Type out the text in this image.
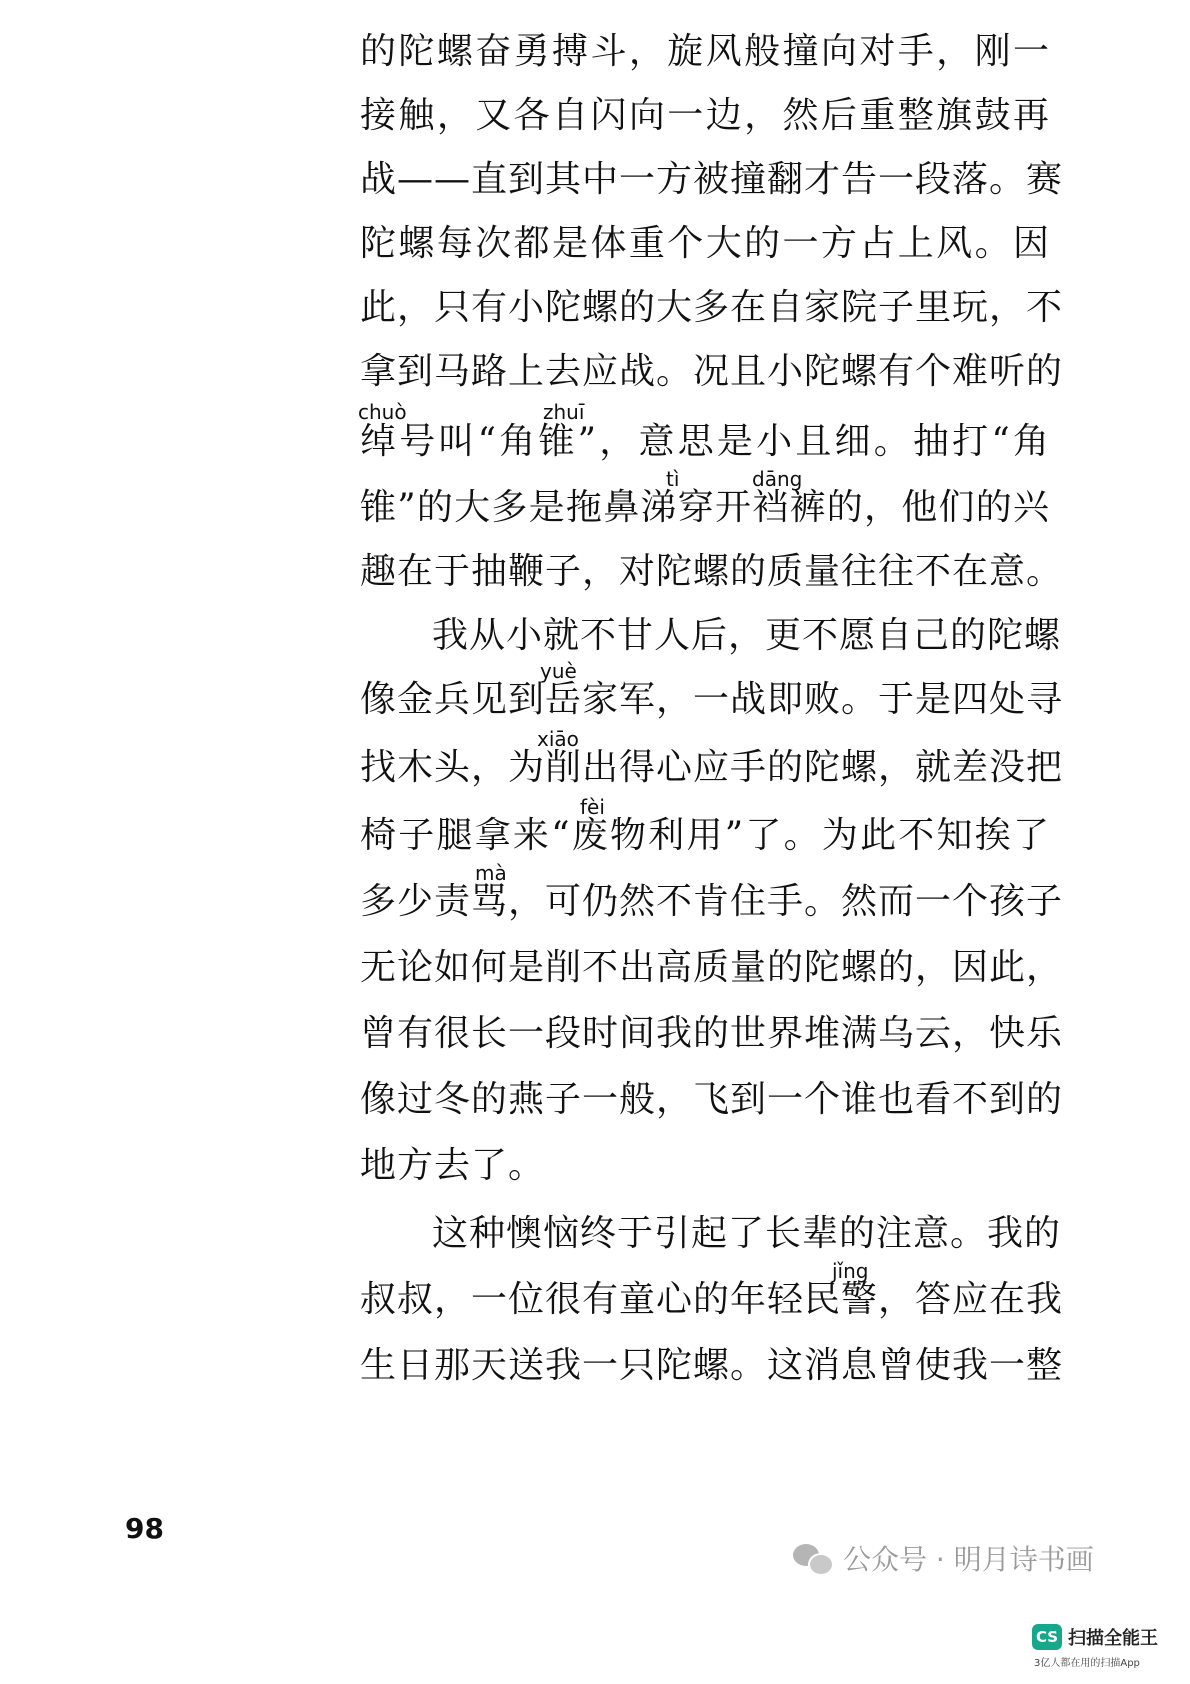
的陀螺奋勇搏斗，旋风般撞向对手，刚一
接触，又各自闪向一边，然后重整旗鼓再
战——直到其中一方被撞翻才告一段落。赛
陀螺每次都是体重个大的一方占上风。因
此，只有小陀螺的大多在自家院子里玩，不
拿到马路上去应战。况且小陀螺有个难听的
chuò	zhuī
绰号叫“角锥”，意思是小且细。抽打“角
tì	dāng
锥”的大多是拖鼻涕穿开裆裤的，他们的兴
趣在于抽鞭子，对陀螺的质量往往不在意。
我从小就不甘人后，更不愿自己的陀螺
yuè
像金兵见到岳家军，一战即败。于是四处寻
xiāo
找木头，为削出得心应手的陀螺，就差没把
fèi
椅子腿拿来“废物利用”了。为此不知挨了
mà
多少责骂，可仍然不肯住手。然而一个孩子
无论如何是削不出高质量的陀螺的，因此，
曾有很长一段时间我的世界堆满乌云，快乐
像过冬的燕子一般，飞到一个谁也看不到的
地方去了。
这种懊恼终于引起了长辈的注意。我的
jǐng
叔叔，一位很有童心的年轻民警，答应在我
生日那天送我一只陀螺。这消息曾使我一整
98
公众号 · 明月诗书画
CS 扫描全能王
3亿人都在用的扫描App
